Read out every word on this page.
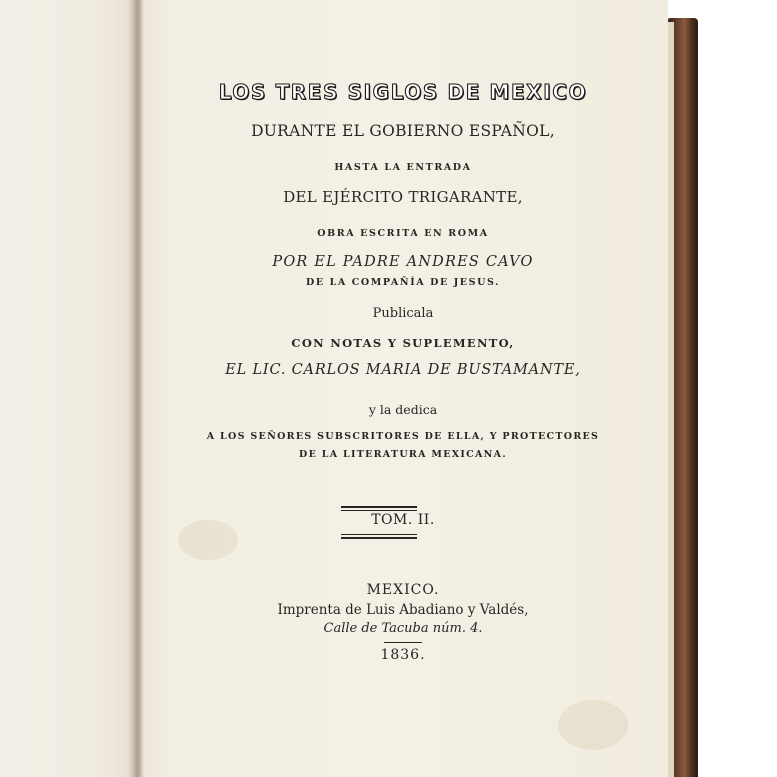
LOS TRES SIGLOS DE MEXICO
DURANTE EL GOBIERNO ESPAÑOL,
HASTA LA ENTRADA
DEL EJÉRCITO TRIGARANTE,
OBRA ESCRITA EN ROMA
POR EL PADRE ANDRES CAVO
DE LA COMPAÑÍA DE JESUS.
Publicala
CON NOTAS Y SUPLEMENTO,
EL LIC. CARLOS MARIA DE BUSTAMANTE,
y la dedica
A LOS SEÑORES SUBSCRITORES DE ELLA, Y PROTECTORES
DE LA LITERATURA MEXICANA.
TOM. II.
MEXICO.
Imprenta de Luis Abadiano y Valdés,
Calle de Tacuba núm. 4.
1836.
